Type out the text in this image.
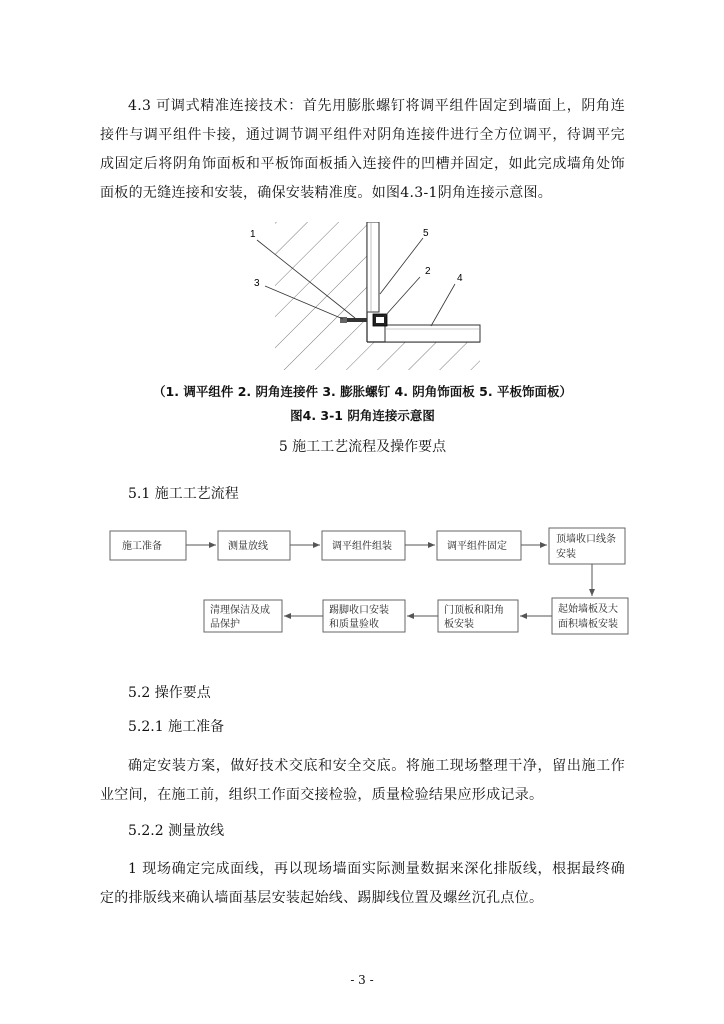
4.3 可调式精准连接技术：首先用膨胀螺钉将调平组件固定到墙面上，阴角连接件与调平组件卡接，通过调节调平组件对阴角连接件进行全方位调平，待调平完成固定后将阴角饰面板和平板饰面板插入连接件的凹槽并固定，如此完成墙角处饰面板的无缝连接和安装，确保安装精准度。如图4.3-1阴角连接示意图。

1
2
3	4
5

（1. 调平组件 2. 阴角连接件 3. 膨胀螺钉 4. 阴角饰面板 5. 平板饰面板）

图4. 3-1 阴角连接示意图

5 施工工艺流程及操作要点

5.1 施工工艺流程

施工准备	测量放线	调平组件组装	调平组件固定
顶墙收口线条
安装
起始墙板及大
面积墙板安装
门顶板和阳角
板安装
踢脚收口安装
和质量验收
清理保洁及成
品保护

5.2 操作要点

5.2.1 施工准备

确定安装方案，做好技术交底和安全交底。将施工现场整理干净，留出施工作业空间，在施工前，组织工作面交接检验，质量检验结果应形成记录。

5.2.2 测量放线

1 现场确定完成面线，再以现场墙面实际测量数据来深化排版线，根据最终确定的排版线来确认墙面基层安装起始线、踢脚线位置及螺丝沉孔点位。

- 3 -
